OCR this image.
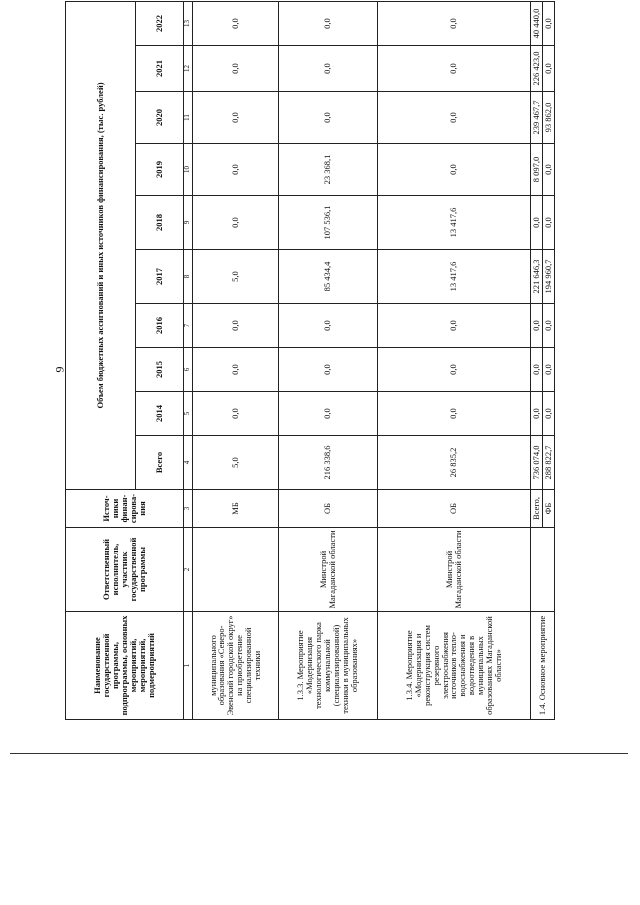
9
Наименование государственной программы, подпрограммы, основных мероприятий, мероприятий, подмероприятий	Ответственный исполнитель, участник государственной программы	Источ-ники финан-сирова-ния	Объем бюджетных ассигнований и иных источников финансирования, (тыс. рублей)									
			Всего	2014	2015	2016	2017	2018	2019	2020	2021	2022
1	2	3	4	5	6	7	8	9	10	11	12	13
муниципального образования «Северо-Эвенский городской округ» на приобретение специализированной техники		МБ	5,0	0,0	0,0	0,0	5,0	0,0	0,0	0,0	0,0	0,0
1.3.3. Мероприятие «Модернизация технологического парка коммунальной (специализированной) техники в муниципальных образованиях»	Минстрой Магаданской области	ОБ	216 338,6	0,0	0,0	0,0	85 434,4	107 536,1	23 368,1	0,0	0,0	0,0
1.3.4. Мероприятие «Модернизация и реконструкция систем резервного электроснабжения источников тепло-водоснабжения и водоотведения в муниципальных образованиях Магаданской области»	Минстрой Магаданской области	ОБ	26 835,2	0,0	0,0	0,0	13 417,6	13 417,6	0,0	0,0	0,0	0,0
1.4. Основное мероприятие		Всего,	736 074,0	0,0	0,0	0,0	221 646,3	0,0	8 097,0	239 467,7	226 423,0	40 440,0
		ФБ	288 822,7	0,0	0,0	0,0	194 960,7	0,0	0,0	93 862,0	0,0	0,0
